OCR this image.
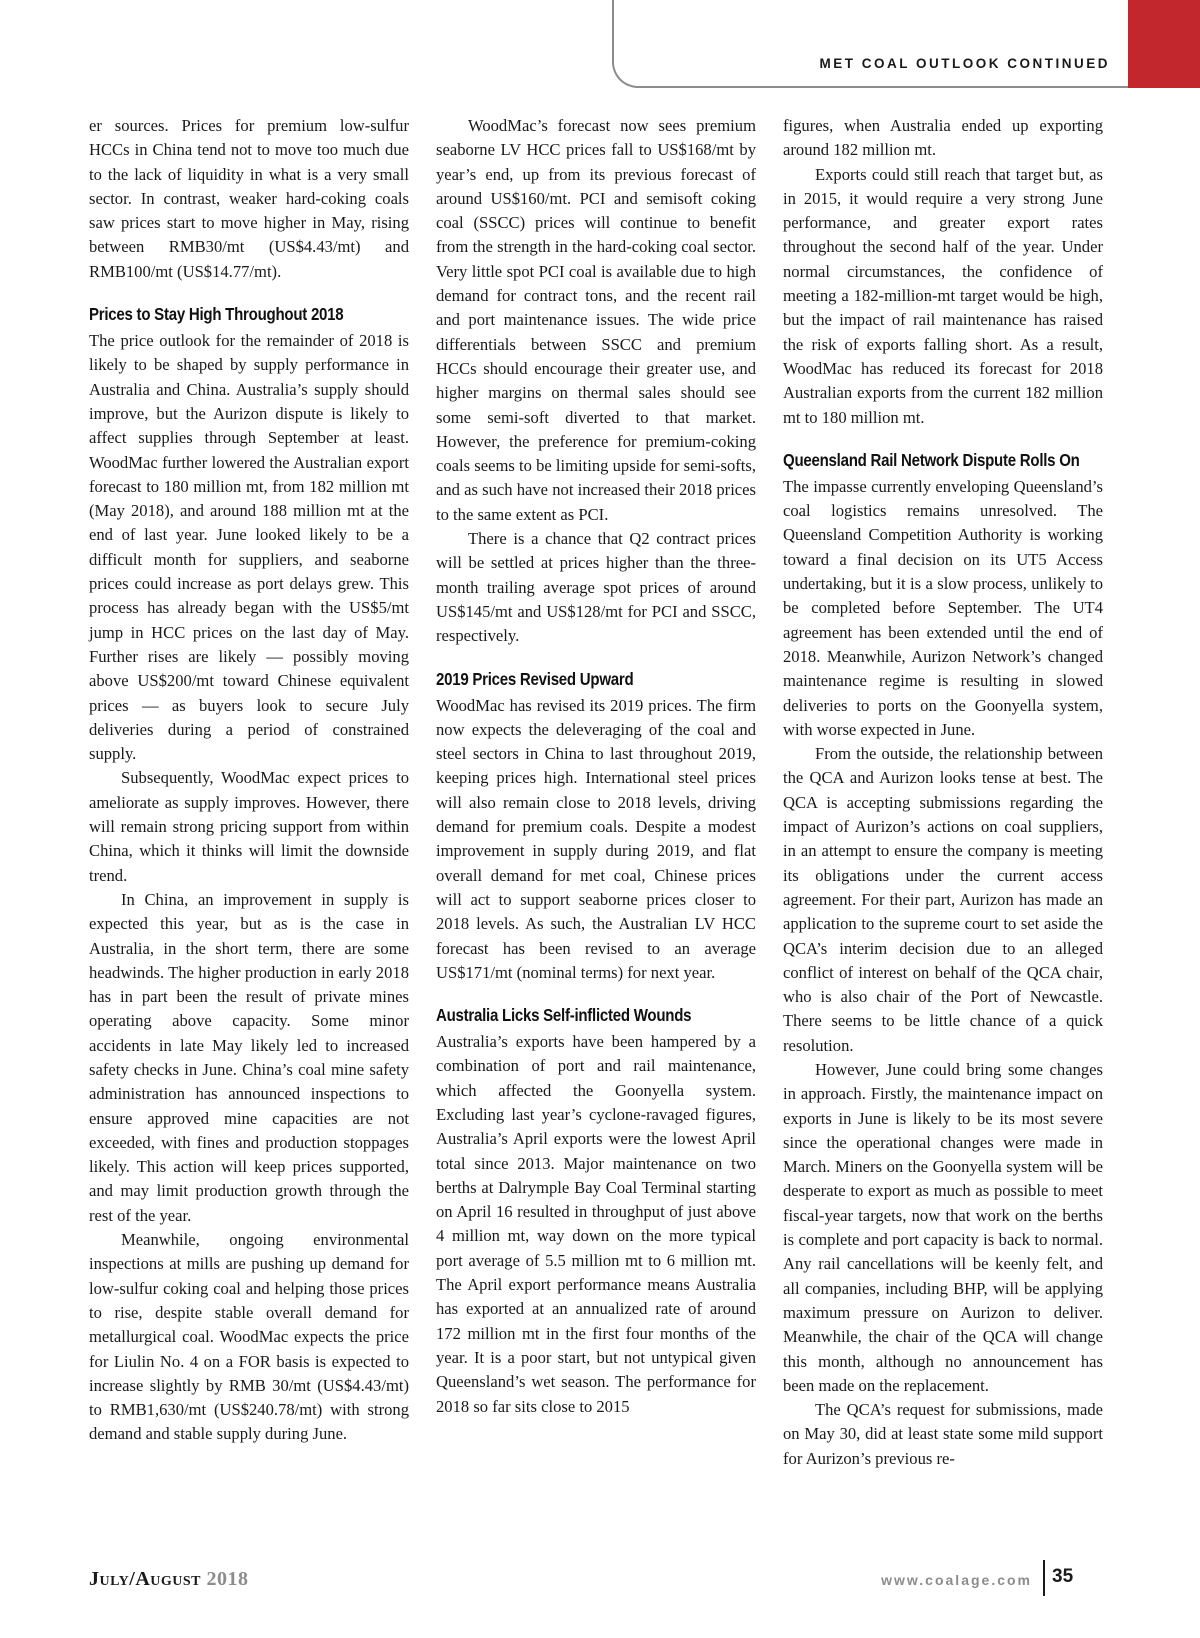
MET COAL OUTLOOK CONTINUED

er sources. Prices for premium low-sulfur HCCs in China tend not to move too much due to the lack of liquidity in what is a very small sector. In contrast, weaker hard-coking coals saw prices start to move higher in May, rising between RMB30/mt (US$4.43/mt) and RMB100/mt (US$14.77/mt).

Prices to Stay High Throughout 2018

The price outlook for the remainder of 2018 is likely to be shaped by supply performance in Australia and China. Australia’s supply should improve, but the Aurizon dispute is likely to affect supplies through September at least. WoodMac further lowered the Australian export forecast to 180 million mt, from 182 million mt (May 2018), and around 188 million mt at the end of last year. June looked likely to be a difficult month for suppliers, and seaborne prices could increase as port delays grew. This process has already began with the US$5/mt jump in HCC prices on the last day of May. Further rises are likely — possibly moving above US$200/mt toward Chinese equivalent prices — as buyers look to secure July deliveries during a period of constrained supply.

Subsequently, WoodMac expect prices to ameliorate as supply improves. However, there will remain strong pricing support from within China, which it thinks will limit the downside trend.

In China, an improvement in supply is expected this year, but as is the case in Australia, in the short term, there are some headwinds. The higher production in early 2018 has in part been the result of private mines operating above capacity. Some minor accidents in late May likely led to increased safety checks in June. China’s coal mine safety administration has announced inspections to ensure approved mine capacities are not exceeded, with fines and production stoppages likely. This action will keep prices supported, and may limit production growth through the rest of the year.

Meanwhile, ongoing environmental inspections at mills are pushing up demand for low-sulfur coking coal and helping those prices to rise, despite stable overall demand for metallurgical coal. WoodMac expects the price for Liulin No. 4 on a FOR basis is expected to increase slightly by RMB 30/mt (US$4.43/mt) to RMB1,630/mt (US$240.78/mt) with strong demand and stable supply during June.

WoodMac’s forecast now sees premium seaborne LV HCC prices fall to US$168/mt by year’s end, up from its previous forecast of around US$160/mt. PCI and semisoft coking coal (SSCC) prices will continue to benefit from the strength in the hard-coking coal sector. Very little spot PCI coal is available due to high demand for contract tons, and the recent rail and port maintenance issues. The wide price differentials between SSCC and premium HCCs should encourage their greater use, and higher margins on thermal sales should see some semi-soft diverted to that market. However, the preference for premium-coking coals seems to be limiting upside for semi-softs, and as such have not increased their 2018 prices to the same extent as PCI.

There is a chance that Q2 contract prices will be settled at prices higher than the three-month trailing average spot prices of around US$145/mt and US$128/mt for PCI and SSCC, respectively.

2019 Prices Revised Upward

WoodMac has revised its 2019 prices. The firm now expects the deleveraging of the coal and steel sectors in China to last throughout 2019, keeping prices high. International steel prices will also remain close to 2018 levels, driving demand for premium coals. Despite a modest improvement in supply during 2019, and flat overall demand for met coal, Chinese prices will act to support seaborne prices closer to 2018 levels. As such, the Australian LV HCC forecast has been revised to an average US$171/mt (nominal terms) for next year.

Australia Licks Self-inflicted Wounds

Australia’s exports have been hampered by a combination of port and rail maintenance, which affected the Goonyella system. Excluding last year’s cyclone-ravaged figures, Australia’s April exports were the lowest April total since 2013. Major maintenance on two berths at Dalrymple Bay Coal Terminal starting on April 16 resulted in throughput of just above 4 million mt, way down on the more typical port average of 5.5 million mt to 6 million mt. The April export performance means Australia has exported at an annualized rate of around 172 million mt in the first four months of the year. It is a poor start, but not untypical given Queensland’s wet season. The performance for 2018 so far sits close to 2015

figures, when Australia ended up exporting around 182 million mt.

Exports could still reach that target but, as in 2015, it would require a very strong June performance, and greater export rates throughout the second half of the year. Under normal circumstances, the confidence of meeting a 182-million-mt target would be high, but the impact of rail maintenance has raised the risk of exports falling short. As a result, WoodMac has reduced its forecast for 2018 Australian exports from the current 182 million mt to 180 million mt.

Queensland Rail Network Dispute Rolls On

The impasse currently enveloping Queensland’s coal logistics remains unresolved. The Queensland Competition Authority is working toward a final decision on its UT5 Access undertaking, but it is a slow process, unlikely to be completed before September. The UT4 agreement has been extended until the end of 2018. Meanwhile, Aurizon Network’s changed maintenance regime is resulting in slowed deliveries to ports on the Goonyella system, with worse expected in June.

From the outside, the relationship between the QCA and Aurizon looks tense at best. The QCA is accepting submissions regarding the impact of Aurizon’s actions on coal suppliers, in an attempt to ensure the company is meeting its obligations under the current access agreement. For their part, Aurizon has made an application to the supreme court to set aside the QCA’s interim decision due to an alleged conflict of interest on behalf of the QCA chair, who is also chair of the Port of Newcastle. There seems to be little chance of a quick resolution.

However, June could bring some changes in approach. Firstly, the maintenance impact on exports in June is likely to be its most severe since the operational changes were made in March. Miners on the Goonyella system will be desperate to export as much as possible to meet fiscal-year targets, now that work on the berths is complete and port capacity is back to normal. Any rail cancellations will be keenly felt, and all companies, including BHP, will be applying maximum pressure on Aurizon to deliver. Meanwhile, the chair of the QCA will change this month, although no announcement has been made on the replacement.

The QCA’s request for submissions, made on May 30, did at least state some mild support for Aurizon’s previous re-

July/August 2018	www.coalage.com 35
